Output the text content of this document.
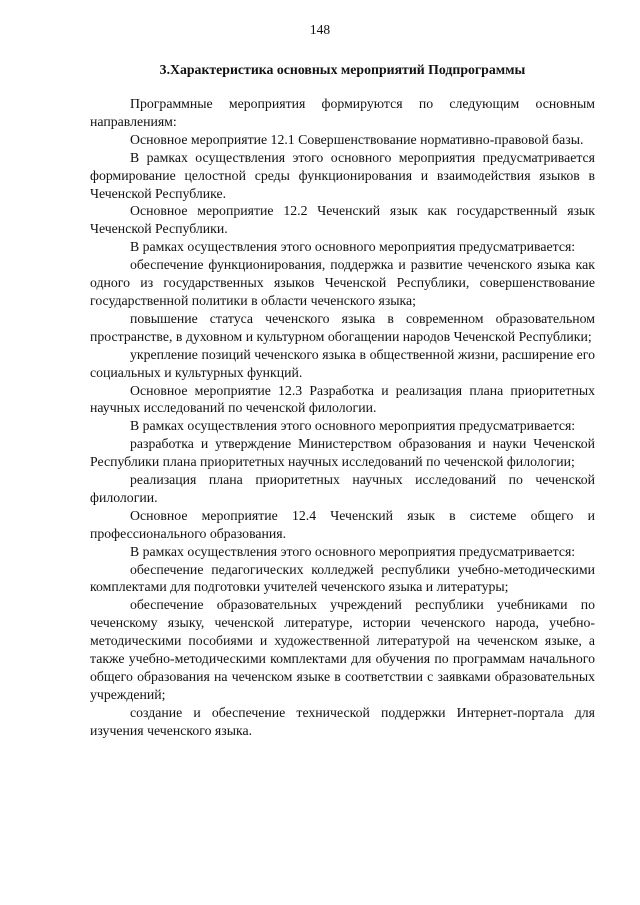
148
3.Характеристика основных мероприятий Подпрограммы

Программные мероприятия формируются по следующим основным направлениям:

Основное мероприятие 12.1 Совершенствование нормативно-правовой базы.

В рамках осуществления этого основного мероприятия предусматривается формирование целостной среды функционирования и взаимодействия языков в Чеченской Республике.

Основное мероприятие 12.2 Чеченский язык как государственный язык Чеченской Республики.

В рамках осуществления этого основного мероприятия предусматривается:

обеспечение функционирования, поддержка и развитие чеченского языка как одного из государственных языков Чеченской Республики, совершенствование государственной политики в области чеченского языка;

повышение статуса чеченского языка в современном образовательном пространстве, в духовном и культурном обогащении народов Чеченской Республики;

укрепление позиций чеченского языка в общественной жизни, расширение его социальных и культурных функций.

Основное мероприятие 12.3 Разработка и реализация плана приоритетных научных исследований по чеченской филологии.

В рамках осуществления этого основного мероприятия предусматривается:

разработка и утверждение Министерством образования и науки Чеченской Республики плана приоритетных научных исследований по чеченской филологии;

реализация плана приоритетных научных исследований по чеченской филологии.

Основное мероприятие 12.4 Чеченский язык в системе общего и профессионального образования.

В рамках осуществления этого основного мероприятия предусматривается:

обеспечение педагогических колледжей республики учебно-методическими комплектами для подготовки учителей чеченского языка и литературы;

обеспечение образовательных учреждений республики учебниками по чеченскому языку, чеченской литературе, истории чеченского народа, учебно-методическими пособиями и художественной литературой на чеченском языке, а также учебно-методическими комплектами для обучения по программам начального общего образования на чеченском языке в соответствии с заявками образовательных учреждений;

создание и обеспечение технической поддержки Интернет-портала для изучения чеченского языка.
